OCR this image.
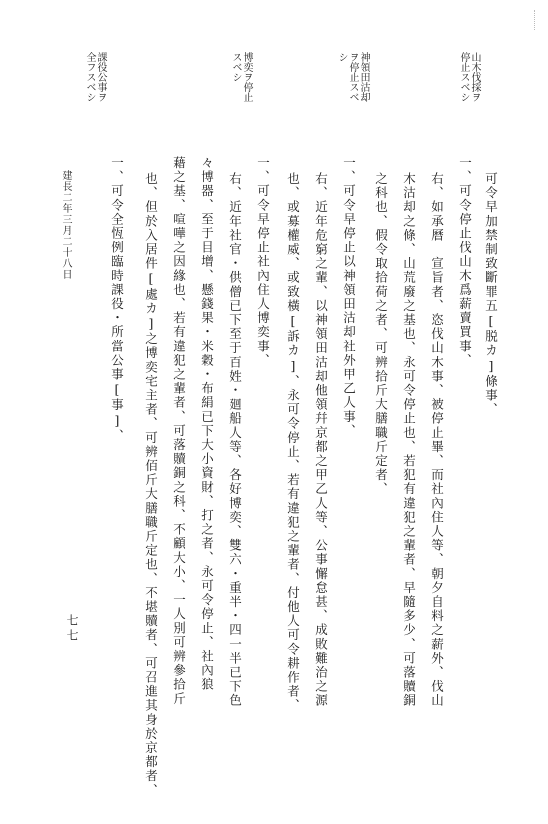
山木伐採ヲ
停止スベシ
神領田沽却
ヲ停止スベ
シ
博奕ヲ停止
スベシ
課役公事ヲ
全フスベシ
可令早加禁制致斷罪五[脱カ]條事、
一、可令停止伐山木爲薪賣買事、
右、如承曆　宣旨者、恣伐山木事、被停止畢、而社內住人等、朝夕自料之薪外、伐山
木沽却之條、山荒廢之基也、永可令停止也、若犯有違犯之輩者、早隨多少、可落贖銅
之科也、假令取拾荷之者、可辨拾斤大膳職斤定者、
一、可令早停止以神領田沽却社外甲乙人事、
右、近年危窮之輩、以神領田沽却他領幷京都之甲乙人等、公事懈怠甚、成敗難治之源
也、或募權威、或致橫[訴カ]、永可令停止、若有違犯之輩者、付他人可令耕作者、
一、可令早停止社內住人博奕事、
右、近年社官・供僧已下至于百姓・廻船人等、各好博奕、雙六・重半・四一半已下色
々博器、至于目增、懸錢果・米穀・布絹已下大小資財、打之者、永可令停止、社內狼
藉之基、喧嘩之因緣也、若有違犯之輩者、可落贖銅之科、不顧大小、一人別可辨參拾斤
也、但於入居件[處カ]之博奕宅主者、可辨佰斤大膳職斤定也、不堪贖者、可召進其身於京都者、
一、可令全恆例臨時課役・所當公事[事]、
建長二年三月二十八日
七七
